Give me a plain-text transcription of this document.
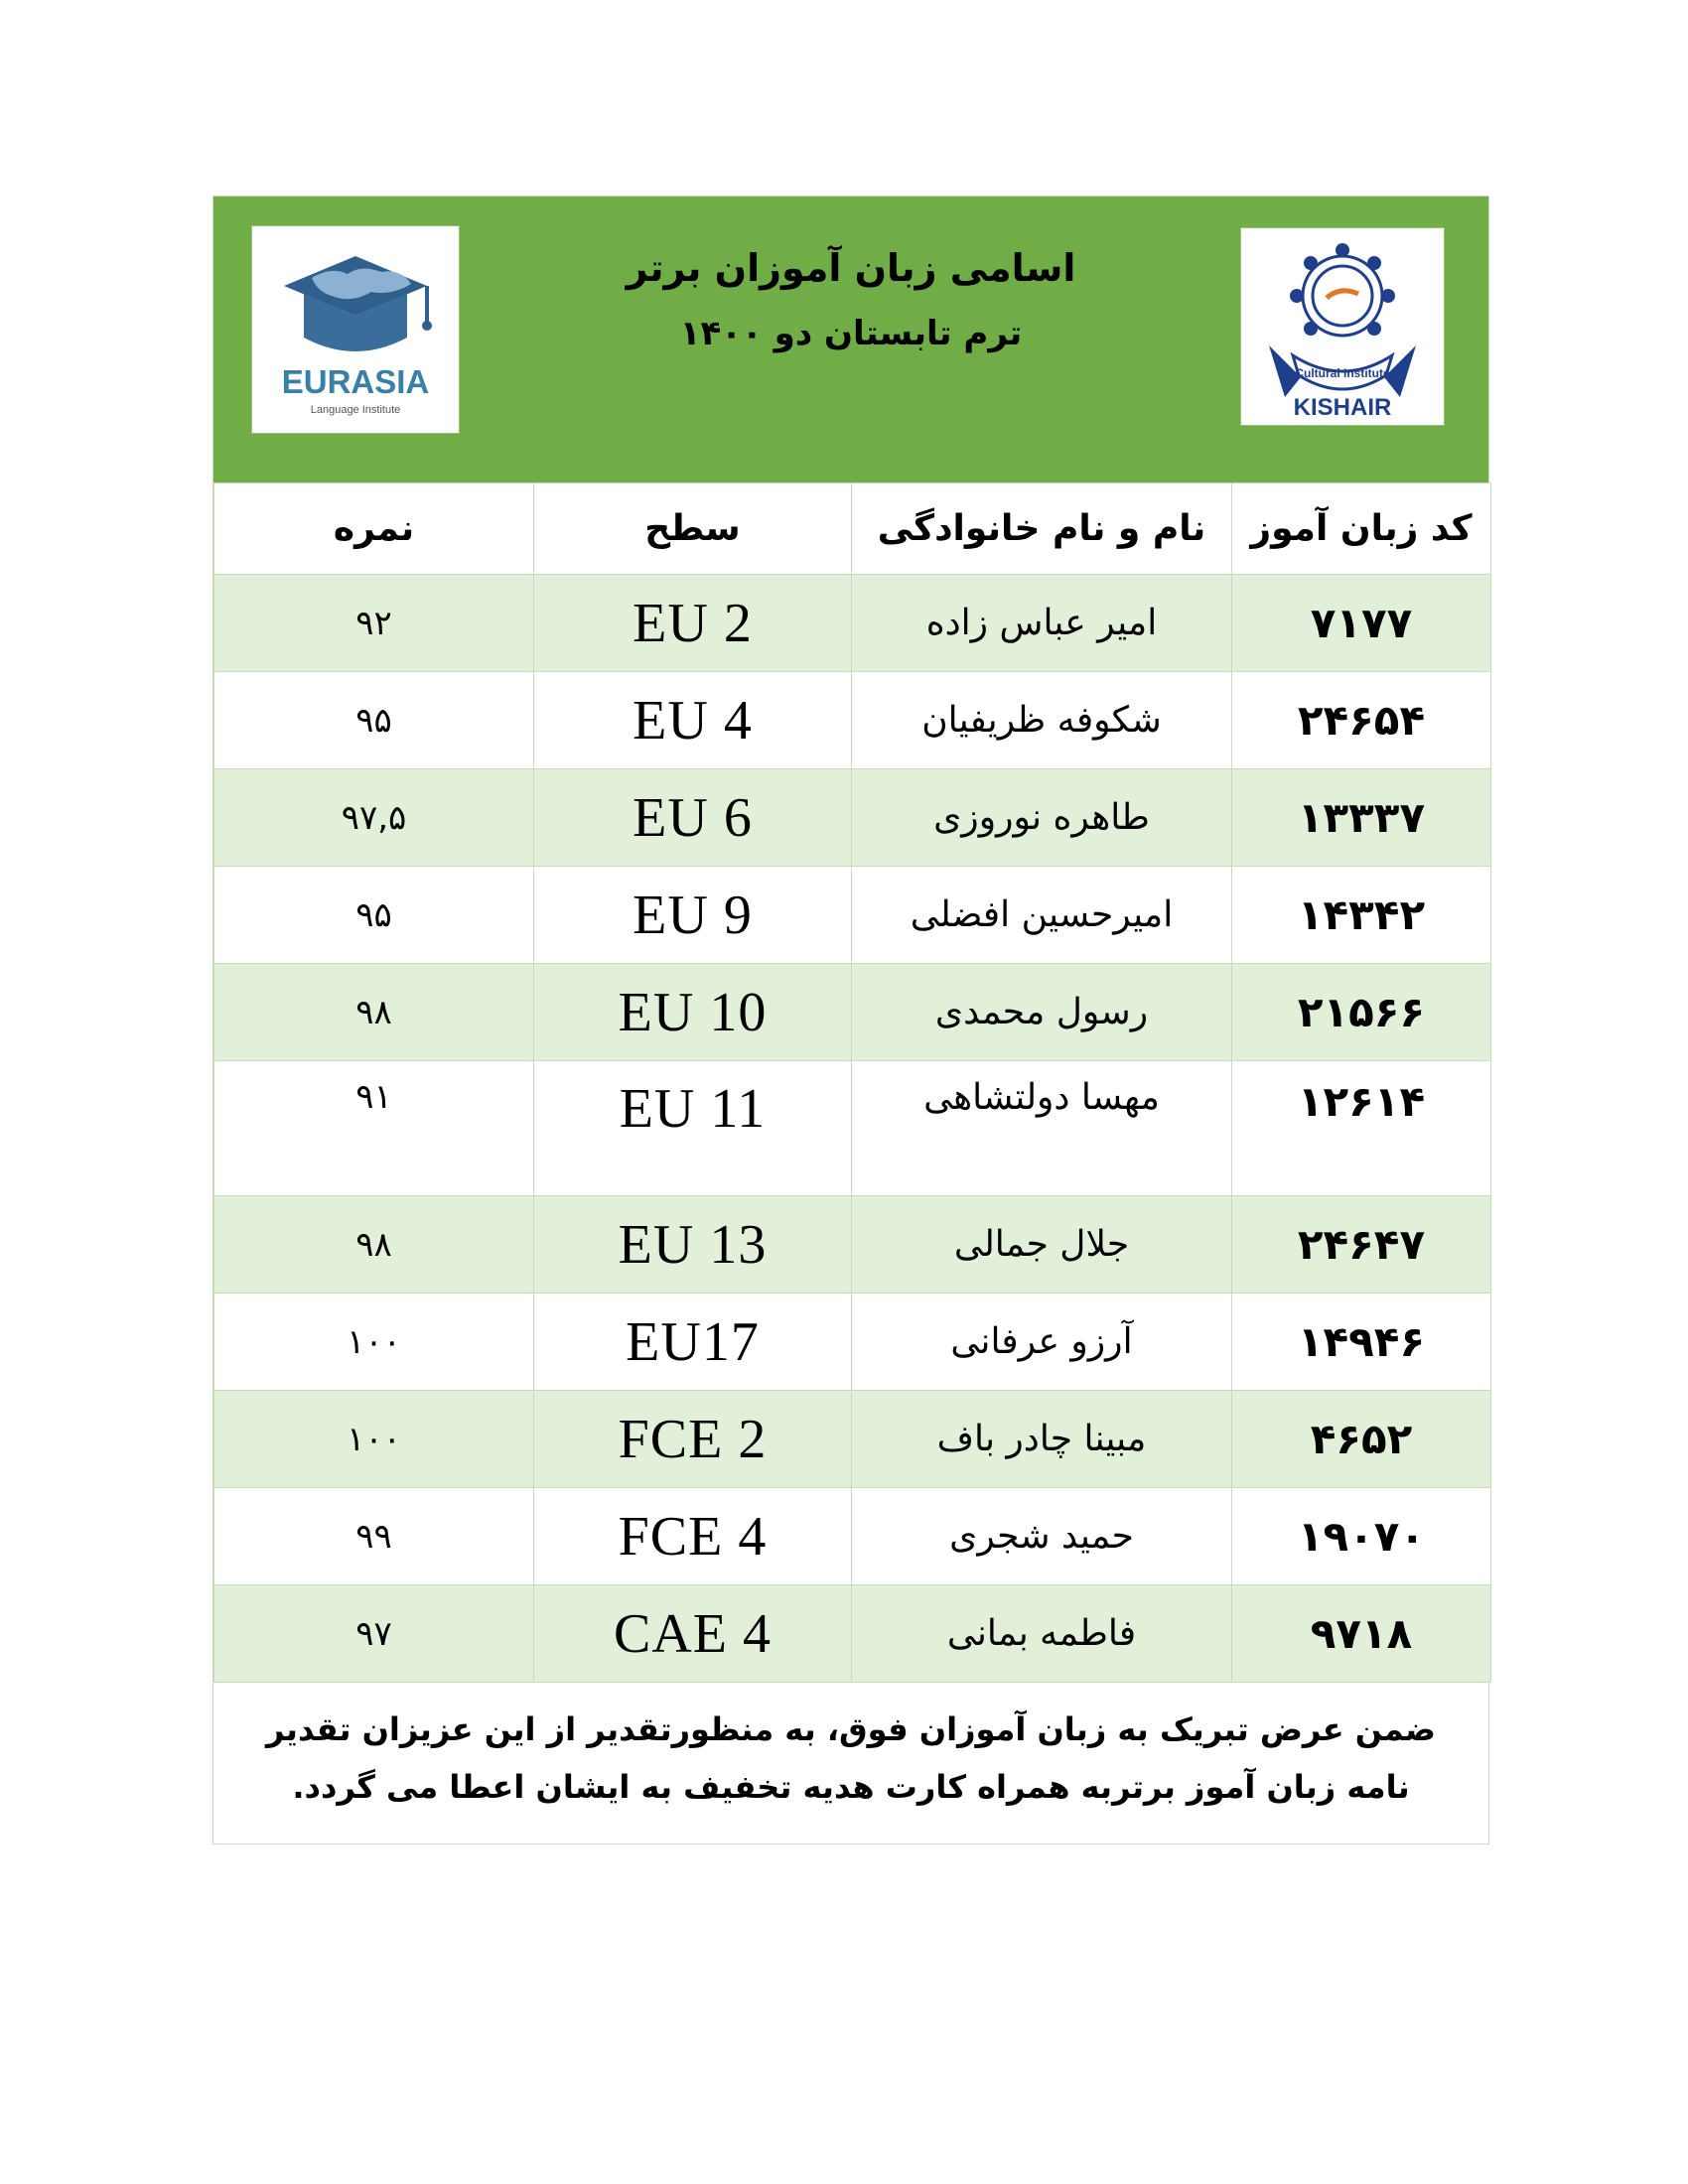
EURASIA
Language Institute
اسامی زبان آموزان برتر
ترم تابستان دو ۱۴۰۰
Cultural Institute
KISHAIR
کد زبان آموز	نام و نام خانوادگی	سطح	نمره
۷۱۷۷	امیر عباس زاده	EU 2	۹۲
۲۴۶۵۴	شکوفه ظریفیان	EU 4	۹۵
۱۳۳۳۷	طاهره نوروزی	EU 6	۹۷,۵
۱۴۳۴۲	امیرحسین افضلی	EU 9	۹۵
۲۱۵۶۶	رسول محمدی	EU 10	۹۸
۱۲۶۱۴	مهسا دولتشاهی	EU 11	۹۱
۲۴۶۴۷	جلال جمالی	EU 13	۹۸
۱۴۹۴۶	آرزو عرفانی	EU17	۱۰۰
۴۶۵۲	مبینا چادر باف	FCE 2	۱۰۰
۱۹۰۷۰	حمید شجری	FCE 4	۹۹
۹۷۱۸	فاطمه بمانی	CAE 4	۹۷
ضمن عرض تبریک به زبان آموزان فوق، به منظورتقدیر از این عزیزان تقدیر نامه زبان آموز برتربه همراه کارت هدیه تخفیف به ایشان اعطا می گردد.
